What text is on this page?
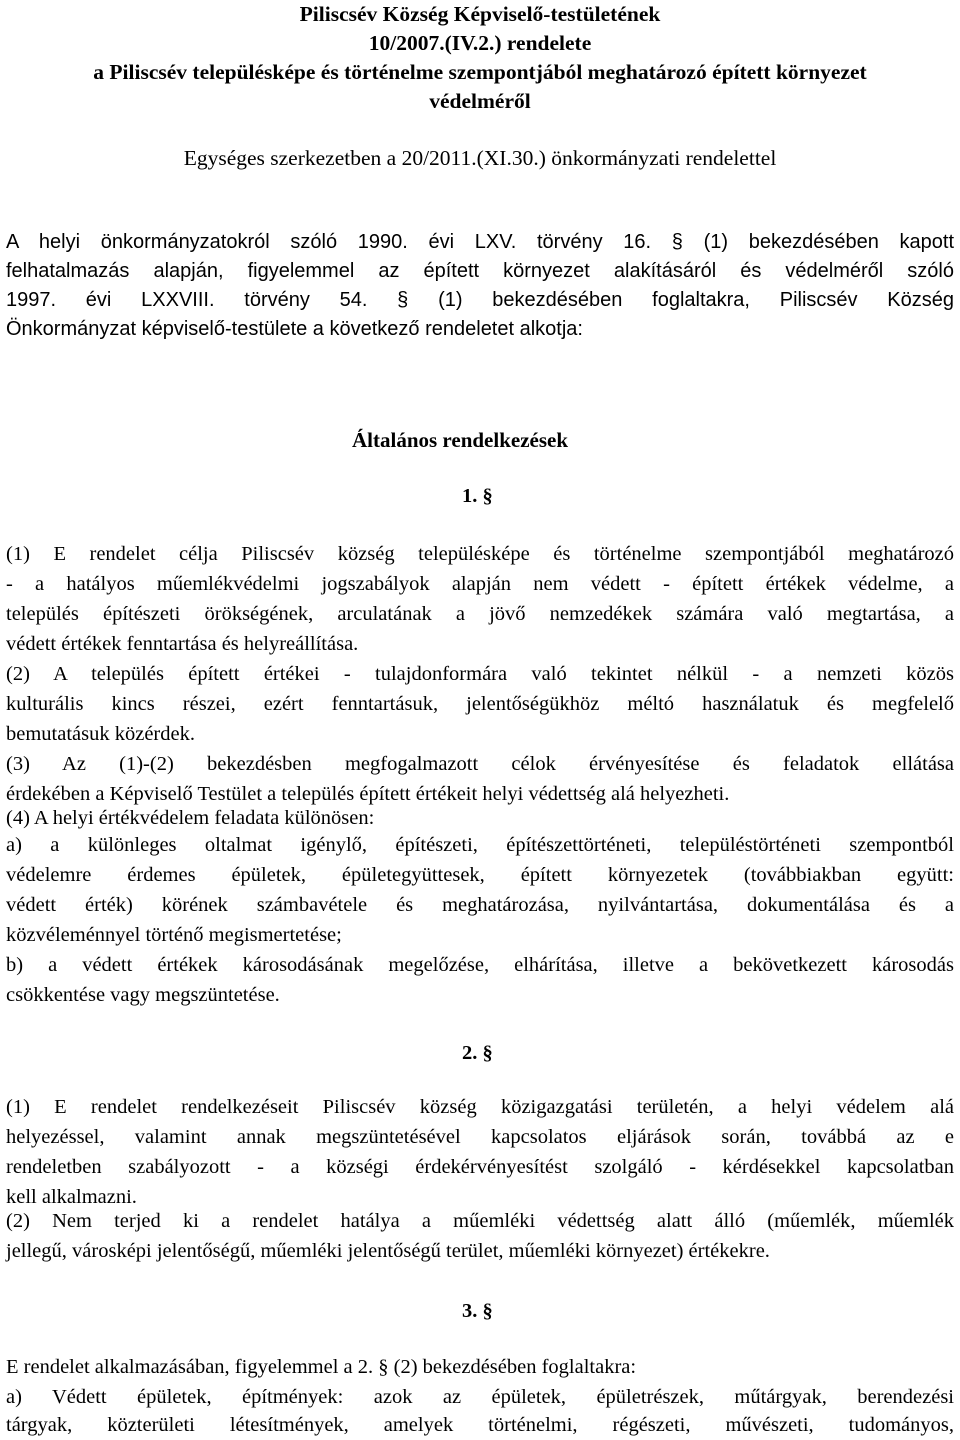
Piliscsév Község Képviselő-testületének
10/2007.(IV.2.) rendelete
a Piliscsév településképe és történelme szempontjából meghatározó épített környezet
védelméről
Egységes szerkezetben a 20/2011.(XI.30.) önkormányzati rendelettel
A helyi önkormányzatokról szóló 1990. évi LXV. törvény 16. § (1) bekezdésében kapott
felhatalmazás alapján, figyelemmel az épített környezet alakításáról és védelméről szóló
1997. évi LXXVIII. törvény 54. § (1) bekezdésében foglaltakra, Piliscsév Község
Önkormányzat képviselő-testülete a következő rendeletet alkotja:
Általános rendelkezések
1. §
(1) E rendelet célja Piliscsév község településképe és történelme szempontjából meghatározó
- a hatályos műemlékvédelmi jogszabályok alapján nem védett - épített értékek védelme, a
település építészeti örökségének, arculatának a jövő nemzedékek számára való megtartása, a
védett értékek fenntartása és helyreállítása.
(2) A település épített értékei - tulajdonformára való tekintet nélkül - a nemzeti közös
kulturális kincs részei, ezért fenntartásuk, jelentőségükhöz méltó használatuk és megfelelő
bemutatásuk közérdek.
(3) Az (1)-(2) bekezdésben megfogalmazott célok érvényesítése és feladatok ellátása
érdekében a Képviselő Testület a település épített értékeit helyi védettség alá helyezheti.
(4) A helyi értékvédelem feladata különösen:
a) a különleges oltalmat igénylő, építészeti, építészettörténeti, településtörténeti szempontból
védelemre érdemes épületek, épületegyüttesek, épített környezetek (továbbiakban együtt:
védett érték) körének számbavétele és meghatározása, nyilvántartása, dokumentálása és a
közvéleménnyel történő megismertetése;
b) a védett értékek károsodásának megelőzése, elhárítása, illetve a bekövetkezett károsodás
csökkentése vagy megszüntetése.
2. §
(1) E rendelet rendelkezéseit Piliscsév község közigazgatási területén, a helyi védelem alá
helyezéssel, valamint annak megszüntetésével kapcsolatos eljárások során, továbbá az e
rendeletben szabályozott - a községi érdekérvényesítést szolgáló - kérdésekkel kapcsolatban
kell alkalmazni.
(2) Nem terjed ki a rendelet hatálya a műemléki védettség alatt álló (műemlék, műemlék
jellegű, városképi jelentőségű, műemléki jelentőségű terület, műemléki környezet) értékekre.
3. §
E rendelet alkalmazásában, figyelemmel a 2. § (2) bekezdésében foglaltakra:
a) Védett épületek, építmények: azok az épületek, épületrészek, műtárgyak, berendezési
tárgyak, közterületi létesítmények, amelyek történelmi, régészeti, művészeti, tudományos,
